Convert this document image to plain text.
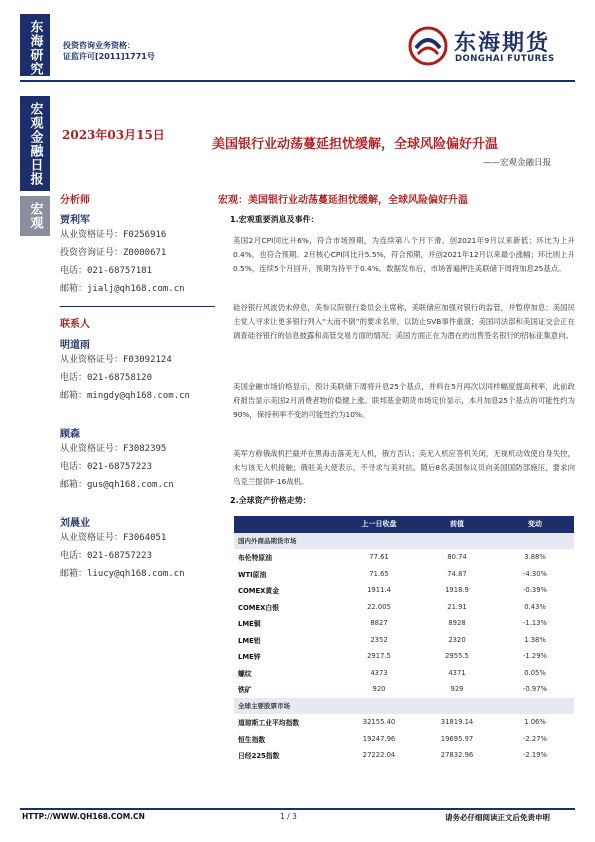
东海研究
宏观金融日报
宏观
投资咨询业务资格：
证监许可[2011]1771号
东海期货
DONGHAI FUTURES
2023年03月15日
美国银行业动荡蔓延担忧缓解，全球风险偏好升温
——宏观金融日报
分析师
贾利军
从业资格证号：F0256916
投资咨询证号：Z0000671
电话：021-68757181
邮箱：jialj@qh168.com.cn
联系人
明道雨
从业资格证号：F03092124
电话：021-68758120
邮箱：mingdy@qh168.com.cn
顾森
从业资格证号：F3082395
电话：021-68757223
邮箱：gus@qh168.com.cn
刘晨业
从业资格证号：F3064051
电话：021-68757223
邮箱：liucy@qh168.com.cn
宏观：美国银行业动荡蔓延担忧缓解，全球风险偏好升温
1.宏观重要消息及事件：
美国2月CPI同比升6%，符合市场预期，为连续第八个月下滑，创2021年9月以来新低；环比为上升0.4%，也符合预期。2月核心CPI同比升5.5%，符合预期，并创2021年12月以来最小涨幅；环比则上升0.5%，连续5个月回升，预期为持平于0.4%。数据发布后，市场普遍押注美联储下周将加息25基点。
硅谷银行风波仍未停息，美参议院银行委员会主席称，美联储应加强对银行的监管，并暂停加息；美国民主党人寻求让更多银行列入“大而不倒”的要求名单，以防止SVB事件重演；美国司法部和美国证交会正在调查硅谷银行的信息披露和高管交易方面的情况；美国方面正在为潜在的出售签名银行的招标征集意向。
美国金融市场价格显示，预计美联储下周将升息25个基点，并料在5月再次以同样幅度提高利率，此前政府报告显示美国2月消费者物价稳健上涨。联邦基金期货市场定价显示，本月加息25个基点的可能性约为90%，保持利率不变的可能性约为10%。
美军方称俄战机拦截并在黑海击落美无人机，俄方否认；美无人机应答机关闭，无视机动效使自身失控，未与该无人机接触；俄驻美大使表示，不寻求与美对抗。随后8名美国参议员向美国国防部施压，要求向乌克兰提供F-16战机。
2.全球资产价格走势：
	上一日收盘	前值	变动
国内外商品期货市场			
布伦特原油	77.61	80.74	3.88%
WTI原油	71.65	74.87	-4.30%
COMEX黄金	1911.4	1918.9	-0.39%
COMEX白银	22.005	21.91	0.43%
LME铜	8827	8928	-1.13%
LME铝	2352	2320	1.38%
LME锌	2917.5	2955.5	-1.29%
螺纹	4373	4371	0.05%
铁矿	920	929	-0.97%
全球主要股票市场			
道琼斯工业平均指数	32155.40	31819.14	1.06%
恒生指数	19247.96	19695.97	-2.27%
日经225指数	27222.04	27832.96	-2.19%
HTTP://WWW.QH168.COM.CN	1 / 3	请务必仔细阅读正文后免责申明
